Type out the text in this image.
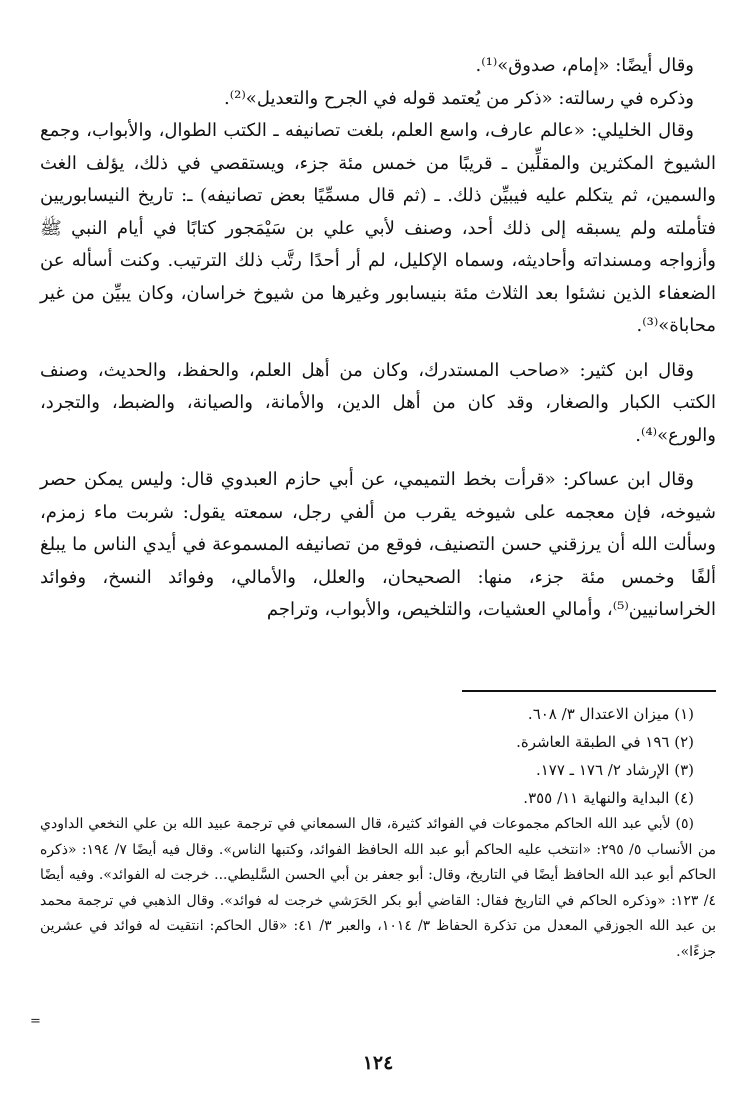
وقال أيضًا: «إمام، صدوق»⁽¹⁾.

وذكره في رسالته: «ذكر من يُعتمد قوله في الجرح والتعديل»⁽²⁾.

وقال الخليلي: «عالم عارف، واسع العلم، بلغت تصانيفه ـ الكتب الطوال، والأبواب، وجمع الشيوخ المكثرين والمقلِّين ـ قريبًا من خمس مئة جزء، ويستقصي في ذلك، يؤلف الغث والسمين، ثم يتكلم عليه فيبيِّن ذلك. ـ (ثم قال مسمِّيًا بعض تصانيفه) ـ: تاريخ النيسابوريين فتأملته ولم يسبقه إلى ذلك أحد، وصنف لأبي علي بن سَيْمَجور كتابًا في أيام النبي ﷺ وأزواجه ومسنداته وأحاديثه، وسماه الإكليل، لم أر أحدًا رتَّب ذلك الترتيب. وكنت أسأله عن الضعفاء الذين نشئوا بعد الثلاث مئة بنيسابور وغيرها من شيوخ خراسان، وكان يبيِّن من غير محاباة»⁽³⁾.

وقال ابن كثير: «صاحب المستدرك، وكان من أهل العلم، والحفظ، والحديث، وصنف الكتب الكبار والصغار، وقد كان من أهل الدين، والأمانة، والصيانة، والضبط، والتجرد، والورع»⁽⁴⁾.

وقال ابن عساكر: «قرأت بخط التميمي، عن أبي حازم العبدوي قال: وليس يمكن حصر شيوخه، فإن معجمه على شيوخه يقرب من ألفي رجل، سمعته يقول: شربت ماء زمزم، وسألت الله أن يرزقني حسن التصنيف، فوقع من تصانيفه المسموعة في أيدي الناس ما يبلغ ألفًا وخمس مئة جزء، منها: الصحيحان، والعلل، والأمالي، وفوائد النسخ، وفوائد الخراسانيين⁽⁵⁾، وأمالي العشيات، والتلخيص، والأبواب، وتراجم

(١) ميزان الاعتدال ٣/ ٦٠٨.

(٢) ١٩٦ في الطبقة العاشرة.

(٣) الإرشاد ٢/ ١٧٦ ـ ١٧٧.

(٤) البداية والنهاية ١١/ ٣٥٥.

(٥) لأبي عبد الله الحاكم مجموعات في الفوائد كثيرة، قال السمعاني في ترجمة عبيد الله بن علي النخعي الداودي من الأنساب ٥/ ٢٩٥: «انتخب عليه الحاكم أبو عبد الله الحافظ الفوائد، وكتبها الناس». وقال فيه أيضًا ٧/ ١٩٤: «ذكره الحاكم أبو عبد الله الحافظ أيضًا في التاريخ، وقال: أبو جعفر بن أبي الحسن السَّليطي... خرجت له الفوائد». وفيه أيضًا ٤/ ١٢٣: «وذكره الحاكم في التاريخ فقال: القاضي أبو بكر الحَرَشي خرجت له فوائد». وقال الذهبي في ترجمة محمد بن عبد الله الجوزقي المعدل من تذكرة الحفاظ ٣/ ١٠١٤، والعبر ٣/ ٤١: «قال الحاكم: انتقيت له فوائد في عشرين جزءًا».

=
١٢٤
